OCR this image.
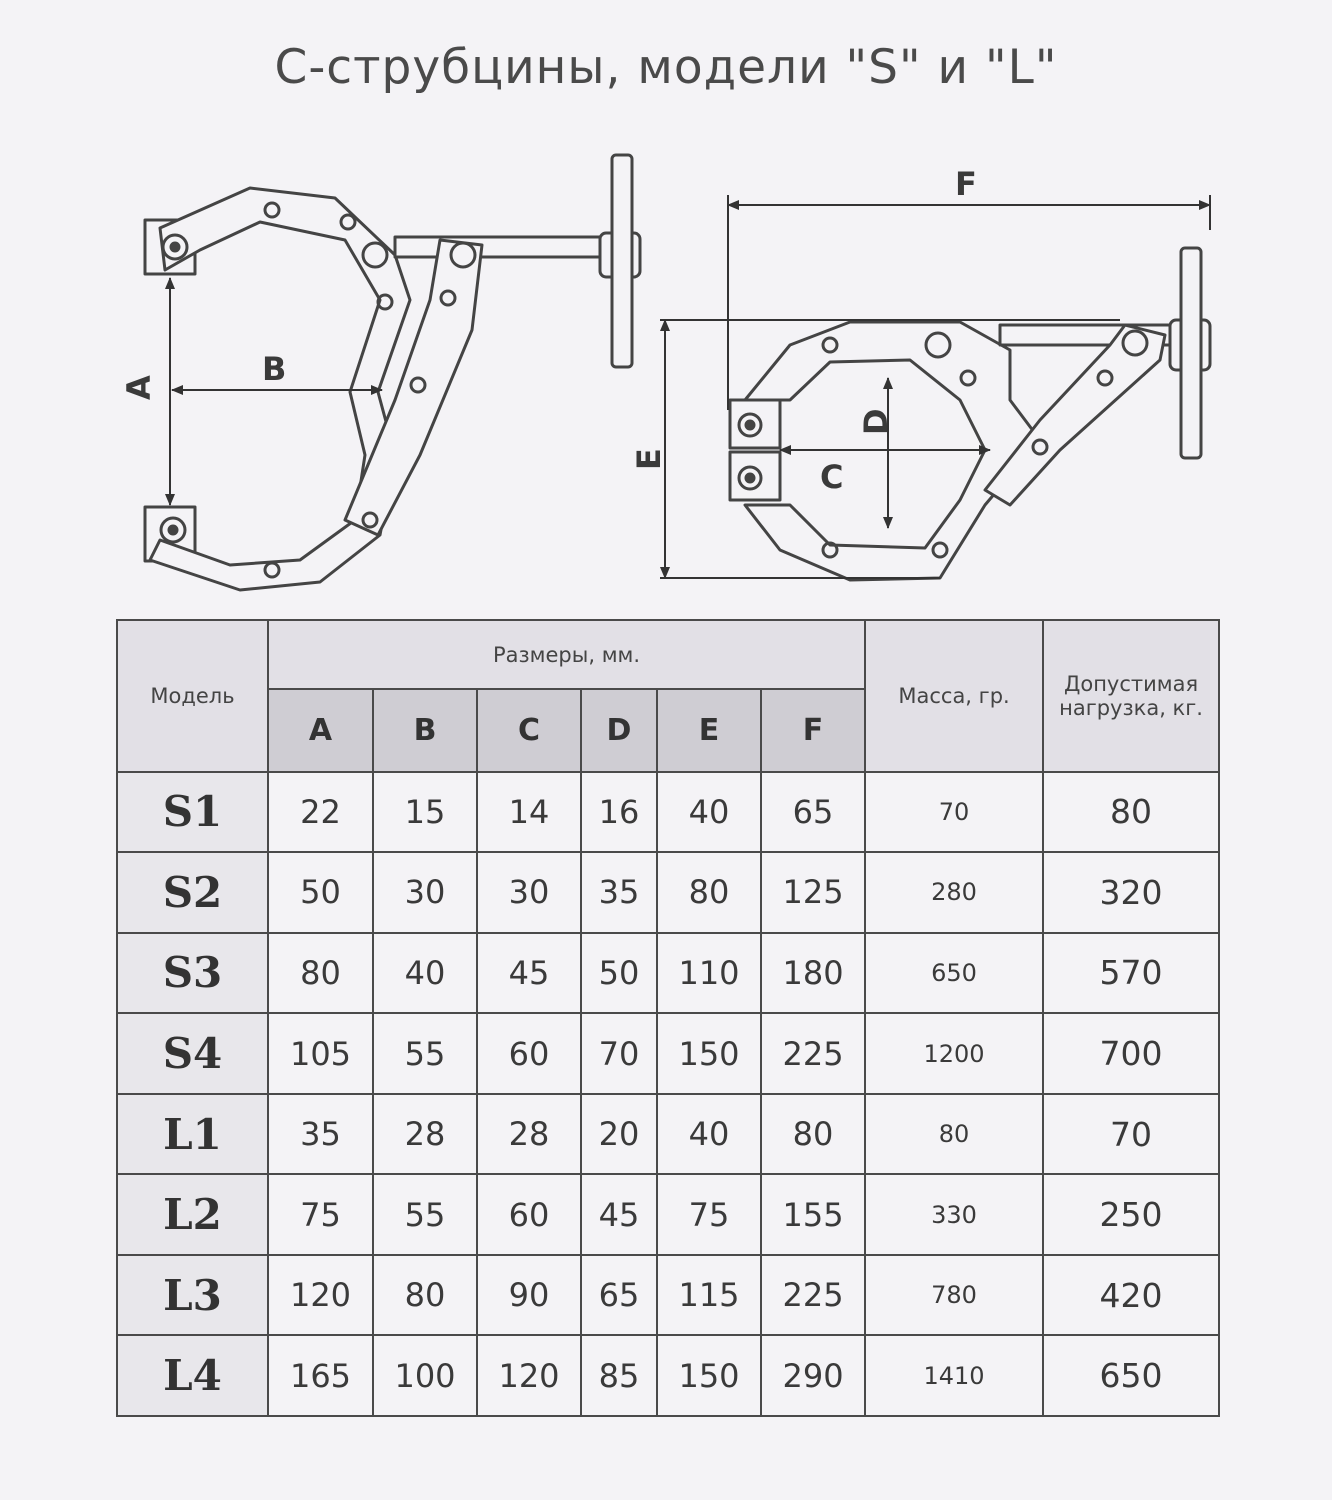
С-струбцины, модели "S" и "L"
A	B
C
D
E
F
Модель	Размеры, мм.						Масса, гр.	Допустимая
нагрузка, кг.
	A	B	C	D	E	F		
S1	22	15	14	16	40	65	70	80
S2	50	30	30	35	80	125	280	320
S3	80	40	45	50	110	180	650	570
S4	105	55	60	70	150	225	1200	700
L1	35	28	28	20	40	80	80	70
L2	75	55	60	45	75	155	330	250
L3	120	80	90	65	115	225	780	420
L4	165	100	120	85	150	290	1410	650
